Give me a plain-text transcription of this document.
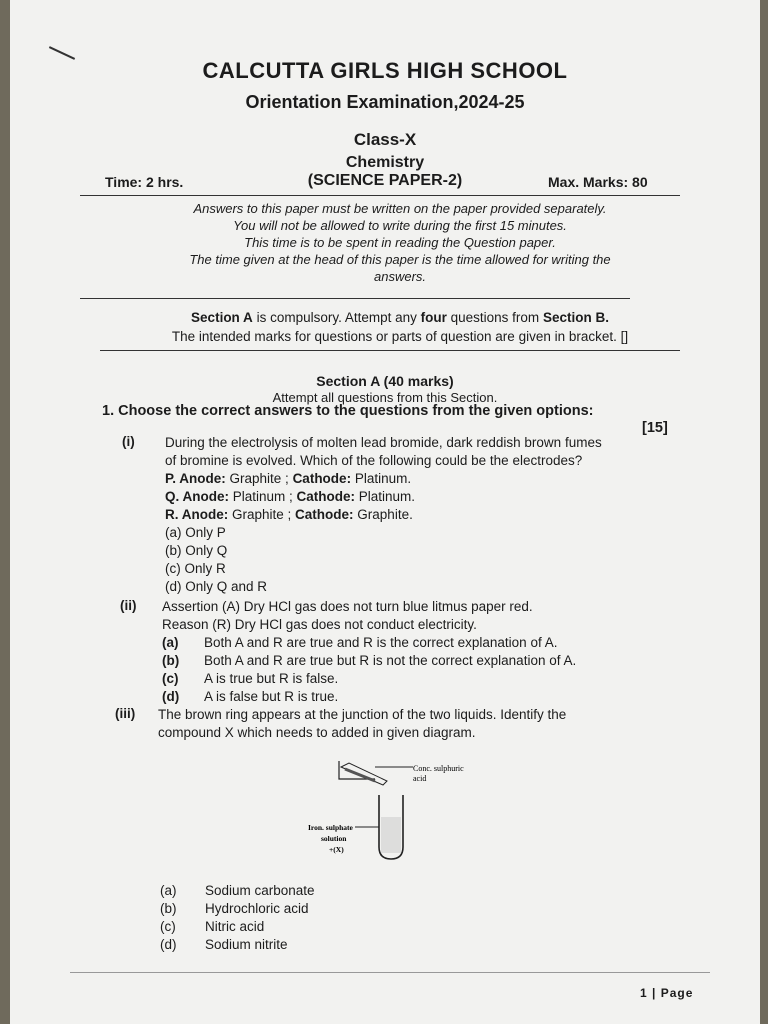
CALCUTTA GIRLS HIGH SCHOOL
Orientation Examination,2024-25
Class-X
Chemistry
(SCIENCE PAPER-2)
Time: 2 hrs.	Max. Marks: 80
Answers to this paper must be written on the paper provided separately.
You will not be allowed to write during the first 15 minutes.
This time is to be spent in reading the Question paper.
The time given at the head of this paper is the time allowed for writing the
answers.
Section A is compulsory. Attempt any four questions from Section B.
The intended marks for questions or parts of question are given in bracket. []
Section A (40 marks)
Attempt all questions from this Section.
1. Choose the correct answers to the questions from the given options:
[15]
(i) During the electrolysis of molten lead bromide, dark reddish brown fumes
of bromine is evolved. Which of the following could be the electrodes?
P. Anode: Graphite ; Cathode: Platinum.
Q. Anode: Platinum ; Cathode: Platinum.
R. Anode: Graphite ; Cathode: Graphite.
(a) Only P
(b) Only Q
(c) Only R
(d) Only Q and R
(ii) Assertion (A) Dry HCl gas does not turn blue litmus paper red.
Reason (R) Dry HCl gas does not conduct electricity.
(a) Both A and R are true and R is the correct explanation of A.
(b) Both A and R are true but R is not the correct explanation of A.
(c) A is true but R is false.
(d) A is false but R is true.
(iii) The brown ring appears at the junction of the two liquids. Identify the
compound X which needs to added in given diagram.
Conc. sulphuric
acid
Iron. sulphate
solution
+(X)
(a) Sodium carbonate
(b) Hydrochloric acid
(c) Nitric acid
(d) Sodium nitrite
1 | Page
